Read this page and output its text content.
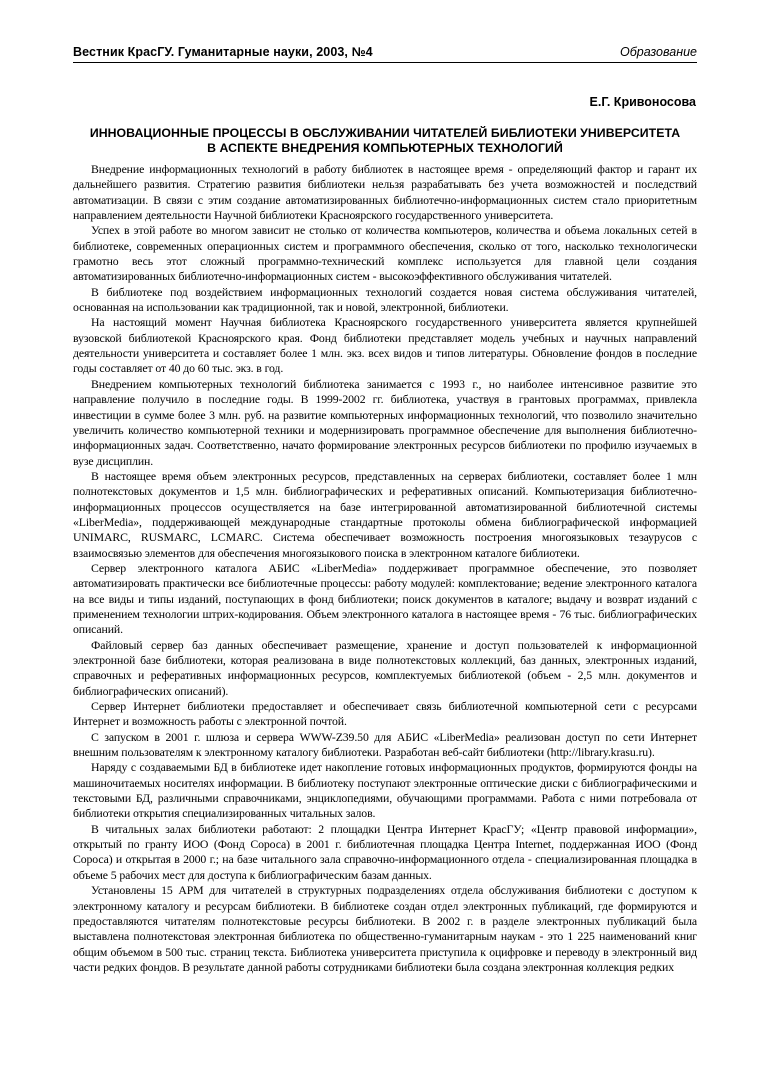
Вестник КрасГУ. Гуманитарные науки, 2003, №4	Образование
Е.Г. Кривоносова
ИННОВАЦИОННЫЕ ПРОЦЕССЫ В ОБСЛУЖИВАНИИ ЧИТАТЕЛЕЙ БИБЛИОТЕКИ УНИВЕРСИТЕТА
В АСПЕКТЕ ВНЕДРЕНИЯ КОМПЬЮТЕРНЫХ ТЕХНОЛОГИЙ

Внедрение информационных технологий в работу библиотек в настоящее время - определяющий фактор и гарант их дальнейшего развития. Стратегию развития библиотеки нельзя разрабатывать без учета возможностей и последствий автоматизации. В связи с этим создание автоматизированных библиотечно-информационных систем стало приоритетным направлением деятельности Научной библиотеки Красноярского государственного университета.

Успех в этой работе во многом зависит не столько от количества компьютеров, количества и объема локальных сетей в библиотеке, современных операционных систем и программного обеспечения, сколько от того, насколько технологически грамотно весь этот сложный программно-технический комплекс используется для главной цели создания автоматизированных библиотечно-информационных систем - высокоэффективного обслуживания читателей.

В библиотеке под воздействием информационных технологий создается новая система обслуживания читателей, основанная на использовании как традиционной, так и новой, электронной, библиотеки.

На настоящий момент Научная библиотека Красноярского государственного университета является крупнейшей вузовской библиотекой Красноярского края. Фонд библиотеки представляет модель учебных и научных направлений деятельности университета и составляет более 1 млн. экз. всех видов и типов литературы. Обновление фондов в последние годы составляет от 40 до 60 тыс. экз. в год.

Внедрением компьютерных технологий библиотека занимается с 1993 г., но наиболее интенсивное развитие это направление получило в последние годы. В 1999-2002 гг. библиотека, участвуя в грантовых программах, привлекла инвестиции в сумме более 3 млн. руб. на развитие компьютерных информационных технологий, что позволило значительно увеличить количество компьютерной техники и модернизировать программное обеспечение для выполнения библиотечно-информационных задач. Соответственно, начато формирование электронных ресурсов библиотеки по профилю изучаемых в вузе дисциплин.

В настоящее время объем электронных ресурсов, представленных на серверах библиотеки, составляет более 1 млн полнотекстовых документов и 1,5 млн. библиографических и реферативных описаний. Компьютеризация библиотечно-информационных процессов осуществляется на базе интегрированной автоматизированной библиотечной системы «LiberMedia», поддерживающей международные стандартные протоколы обмена библиографической информацией UNIMARC, RUSMARC, LCMARC. Система обеспечивает возможность построения многоязыковых тезаурусов с взаимосвязью элементов для обеспечения многоязыкового поиска в электронном каталоге библиотеки.

Сервер электронного каталога АБИС «LiberMedia» поддерживает программное обеспечение, это позволяет автоматизировать практически все библиотечные процессы: работу модулей: комплектование; ведение электронного каталога на все виды и типы изданий, поступающих в фонд библиотеки; поиск документов в каталоге; выдачу и возврат изданий с применением технологии штрих-кодирования. Объем электронного каталога в настоящее время - 76 тыс. библиографических описаний.

Файловый сервер баз данных обеспечивает размещение, хранение и доступ пользователей к информационной электронной базе библиотеки, которая реализована в виде полнотекстовых коллекций, баз данных, электронных изданий, справочных и реферативных информационных ресурсов, комплектуемых библиотекой (объем - 2,5 млн. документов и библиографических описаний).

Сервер Интернет библиотеки предоставляет и обеспечивает связь библиотечной компьютерной сети с ресурсами Интернет и возможность работы с электронной почтой.

С запуском в 2001 г. шлюза и сервера WWW-Z39.50 для АБИС «LiberMedia» реализован доступ по сети Интернет внешним пользователям к электронному каталогу библиотеки. Разработан веб-сайт библиотеки (http://library.krasu.ru).

Наряду с создаваемыми БД в библиотеке идет накопление готовых информационных продуктов, формируются фонды на машиночитаемых носителях информации. В библиотеку поступают электронные оптические диски с библиографическими и текстовыми БД, различными справочниками, энциклопедиями, обучающими программами. Работа с ними потребовала от библиотеки открытия специализированных читальных залов.

В читальных залах библиотеки работают: 2 площадки Центра Интернет КрасГУ; «Центр правовой информации», открытый по гранту ИОО (Фонд Сороса) в 2001 г. библиотечная площадка Центра Internet, поддержанная ИОО (Фонд Сороса) и открытая в 2000 г.; на базе читального зала справочно-информационного отдела - специализированная площадка в объеме 5 рабочих мест для доступа к библиографическим базам данных.

Установлены 15 АРМ для читателей в структурных подразделениях отдела обслуживания библиотеки с доступом к электронному каталогу и ресурсам библиотеки. В библиотеке создан отдел электронных публикаций, где формируются и предоставляются читателям полнотекстовые ресурсы библиотеки. В 2002 г. в разделе электронных публикаций была выставлена полнотекстовая электронная библиотека по общественно-гуманитарным наукам - это 1 225 наименований книг общим объемом в 500 тыс. страниц текста. Библиотека университета приступила к оцифровке и переводу в электронный вид части редких фондов. В результате данной работы сотрудниками библиотеки была создана электронная коллекция редких
